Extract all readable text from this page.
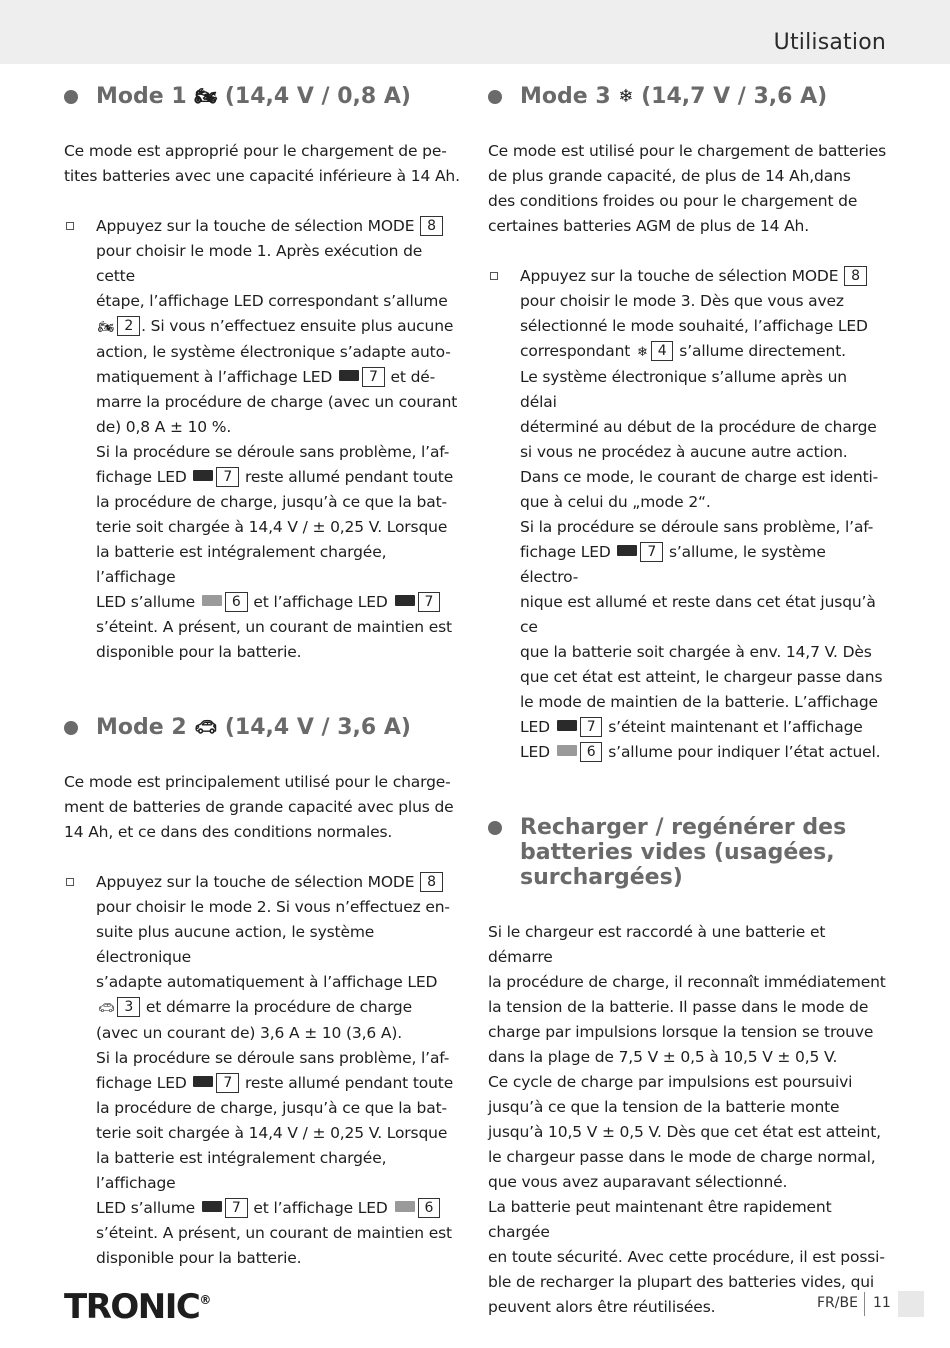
Utilisation
Mode 1 🏍︎ (14,4 V / 0,8 A)

Ce mode est approprié pour le chargement de pe-
tites batteries avec une capacité inférieure à 14 Ah.

Appuyez sur la touche de sélection MODE 8
pour choisir le mode 1. Après exécution de cette
étape, l’affichage LED correspondant s’allume
🏍︎ 2 . Si vous n’effectuez ensuite plus aucune
action, le système électronique s’adapte auto-
matiquement à l’affichage LED	7 et dé-
marre la procédure de charge (avec un courant
de) 0,8 A ± 10 %.
Si la procédure se déroule sans problème, l’af-
fichage LED	7 reste allumé pendant toute
la procédure de charge, jusqu’à ce que la bat-
terie soit chargée à 14,4 V / ± 0,25 V. Lorsque
la batterie est intégralement chargée, l’affichage
LED s’allume	6 et l’affichage LED	7
s’éteint. A présent, un courant de maintien est
disponible pour la batterie.
Mode 2 🚗︎ (14,4 V / 3,6 A)

Ce mode est principalement utilisé pour le charge-
ment de batteries de grande capacité avec plus de
14 Ah, et ce dans des conditions normales.

Appuyez sur la touche de sélection MODE 8
pour choisir le mode 2. Si vous n’effectuez en-
suite plus aucune action, le système électronique
s’adapte automatiquement à l’affichage LED
🚗︎ 3 et démarre la procédure de charge
(avec un courant de) 3,6 A ± 10 (3,6 A).
Si la procédure se déroule sans problème, l’af-
fichage LED	7 reste allumé pendant toute
la procédure de charge, jusqu’à ce que la bat-
terie soit chargée à 14,4 V / ± 0,25 V. Lorsque
la batterie est intégralement chargée, l’affichage
LED s’allume	7 et l’affichage LED	6
s’éteint. A présent, un courant de maintien est
disponible pour la batterie.
Mode 3 ❄︎ (14,7 V / 3,6 A)

Ce mode est utilisé pour le chargement de batteries
de plus grande capacité, de plus de 14 Ah,dans
des conditions froides ou pour le chargement de
certaines batteries AGM de plus de 14 Ah.

Appuyez sur la touche de sélection MODE 8
pour choisir le mode 3. Dès que vous avez
sélectionné le mode souhaité, l’affichage LED
correspondant ❄︎ 4 s’allume directement.
Le système électronique s’allume après un délai
déterminé au début de la procédure de charge
si vous ne procédez à aucune autre action.
Dans ce mode, le courant de charge est identi-
que à celui du „mode 2“.
Si la procédure se déroule sans problème, l’af-
fichage LED	7 s’allume, le système électro-
nique est allumé et reste dans cet état jusqu’à ce
que la batterie soit chargée à env. 14,7 V. Dès
que cet état est atteint, le chargeur passe dans
le mode de maintien de la batterie. L’affichage
LED	7 s’éteint maintenant et l’affichage
LED	6 s’allume pour indiquer l’état actuel.
Recharger / regénérer des
batteries vides (usagées,
surchargées)

Si le chargeur est raccordé à une batterie et démarre
la procédure de charge, il reconnaît immédiatement
la tension de la batterie. Il passe dans le mode de
charge par impulsions lorsque la tension se trouve
dans la plage de 7,5 V ± 0,5 à 10,5 V ± 0,5 V.
Ce cycle de charge par impulsions est poursuivi
jusqu’à ce que la tension de la batterie monte
jusqu’à 10,5 V ± 0,5 V. Dès que cet état est atteint,
le chargeur passe dans le mode de charge normal,
que vous avez auparavant sélectionné.
La batterie peut maintenant être rapidement chargée
en toute sécurité. Avec cette procédure, il est possi-
ble de recharger la plupart des batteries vides, qui
peuvent alors être réutilisées.

TRONIC®	FR/BE 11
